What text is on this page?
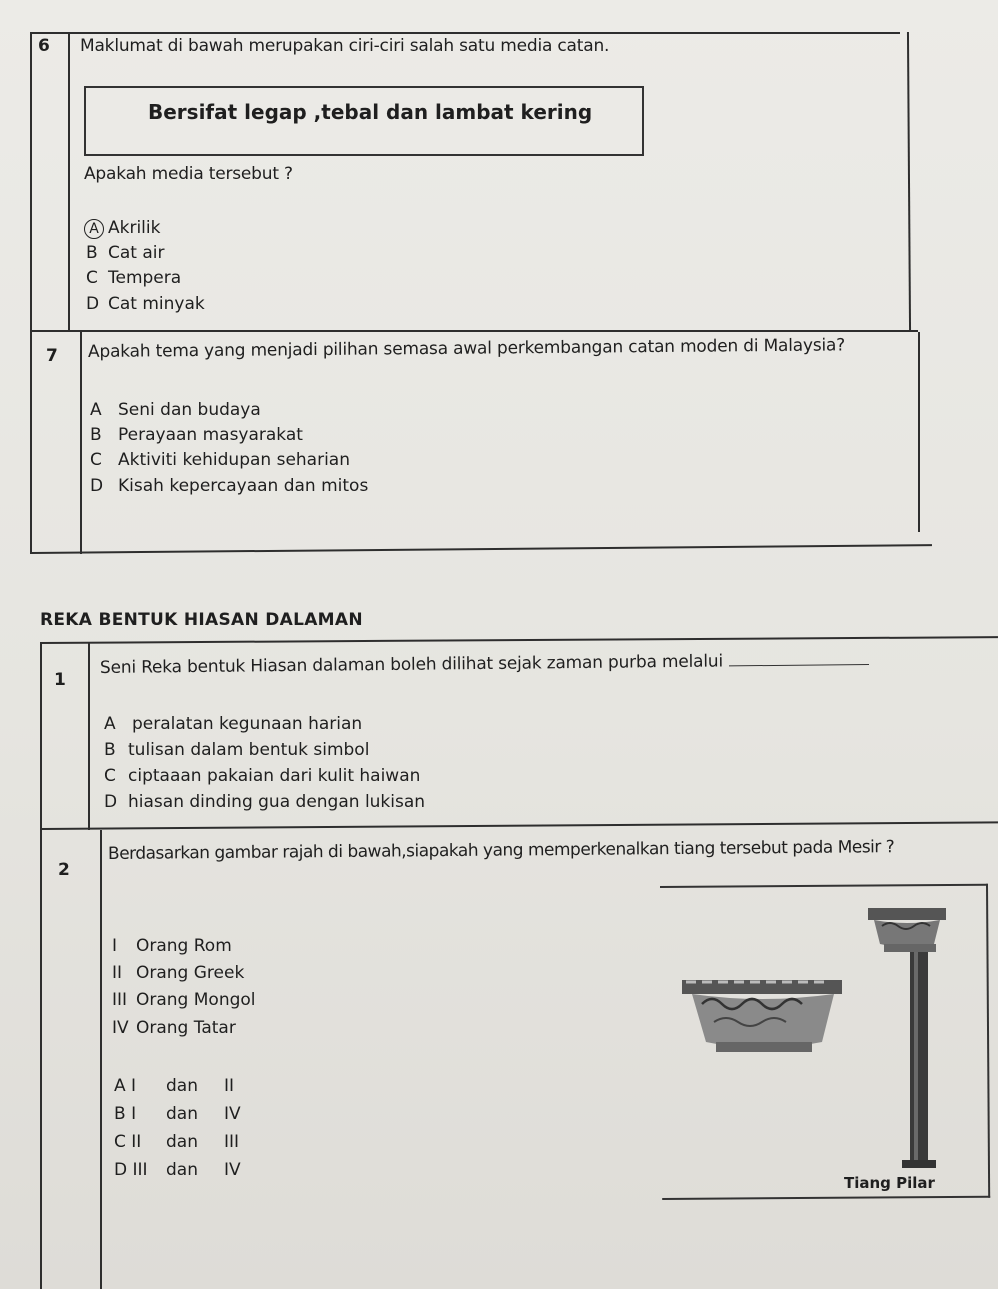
6 Maklumat di bawah merupakan ciri-ciri salah satu media catan.
Bersifat legap ,tebal dan lambat kering
Apakah media tersebut ?
A Akrilik
B Cat air
C Tempera
D Cat minyak
7 Apakah tema yang menjadi pilihan semasa awal perkembangan catan moden di Malaysia?
A Seni dan budaya
B Perayaan masyarakat
C Aktiviti kehidupan seharian
D Kisah kepercayaan dan mitos
REKA BENTUK HIASAN DALAMAN
1
Seni Reka bentuk Hiasan dalaman boleh dilihat sejak zaman purba melalui
A peralatan kegunaan harian
B tulisan dalam bentuk simbol
C ciptaaan pakaian dari kulit haiwan
D hiasan dinding gua dengan lukisan
2
Berdasarkan gambar rajah di bawah,siapakah yang memperkenalkan tiang tersebut pada Mesir ?
I Orang Rom
II Orang Greek
III Orang Mongol
IV Orang Tatar
A I dan II
B I dan IV
C II dan III
D III dan IV
Tiang Pilar
